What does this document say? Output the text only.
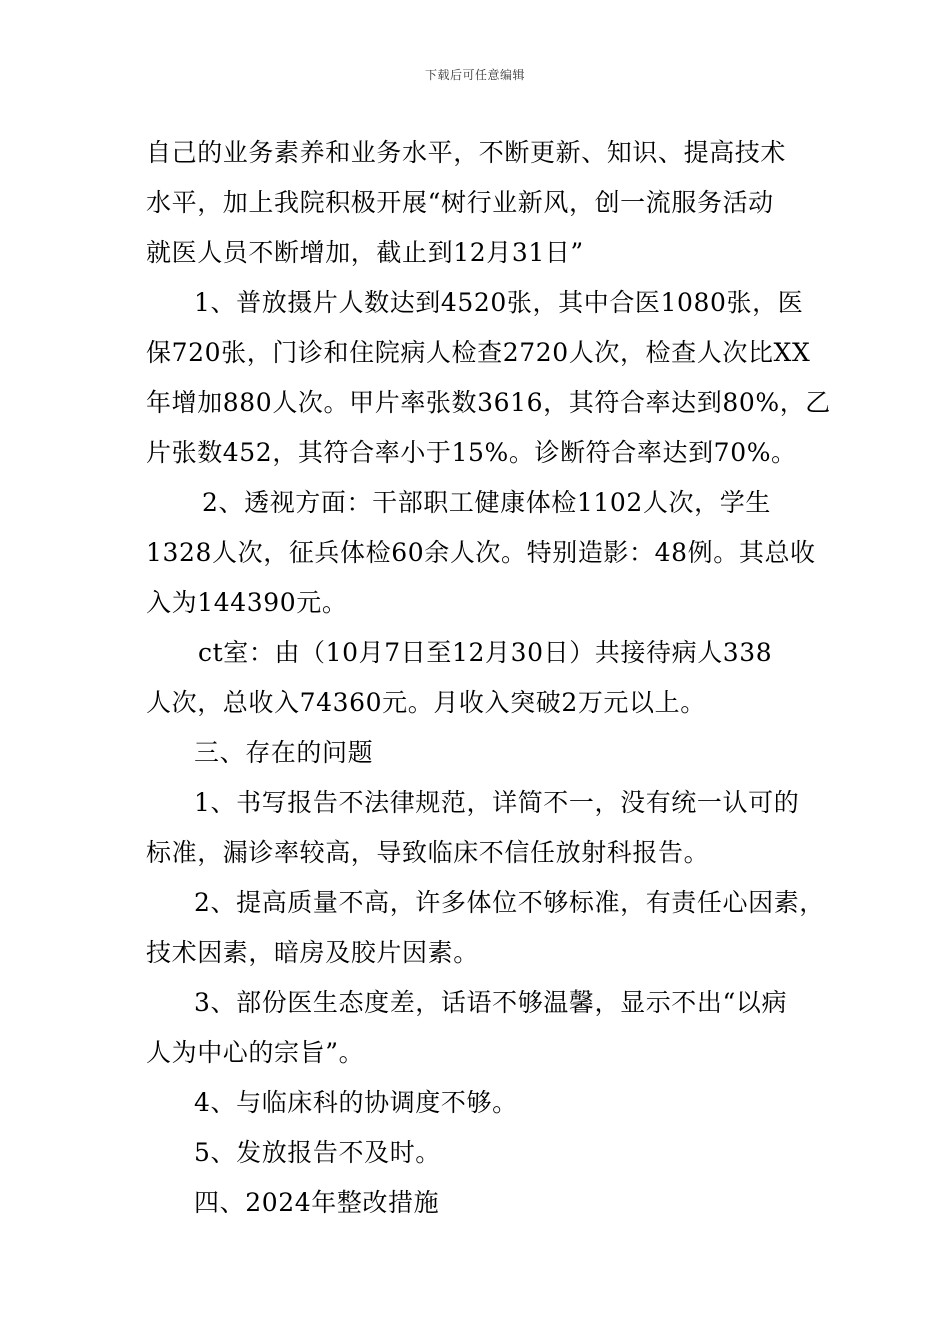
下载后可任意编辑
自己的业务素养和业务水平，不断更新、知识、提高技术
水平，加上我院积极开展“树行业新风，创一流服务活动
就医人员不断增加，截止到12月31日”
1、普放摄片人数达到4520张，其中合医1080张，医
保720张，门诊和住院病人检查2720人次，检查人次比XX
年增加880人次。甲片率张数3616，其符合率达到80%，乙
片张数452，其符合率小于15%。诊断符合率达到70%。
2、透视方面：干部职工健康体检1102人次，学生
1328人次，征兵体检60余人次。特别造影：48例。其总收
入为144390元。
ct室：由（10月7日至12月30日）共接待病人338
人次，总收入74360元。月收入突破2万元以上。
三、存在的问题
1、书写报告不法律规范，详简不一，没有统一认可的
标准，漏诊率较高，导致临床不信任放射科报告。
2、提高质量不高，许多体位不够标准，有责任心因素，
技术因素，暗房及胶片因素。
3、部份医生态度差，话语不够温馨，显示不出“以病
人为中心的宗旨”。
4、与临床科的协调度不够。
5、发放报告不及时。
四、2024年整改措施
